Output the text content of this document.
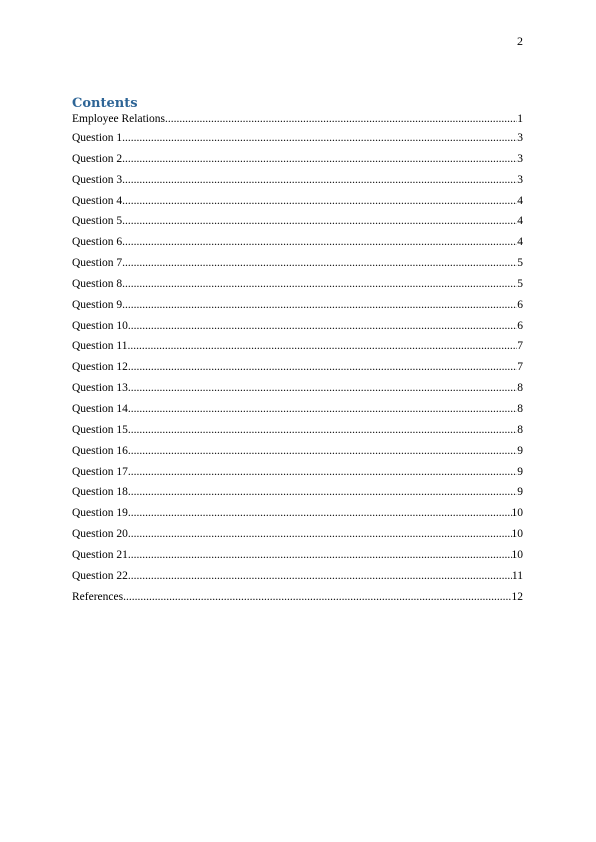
2
Contents
Employee Relations .....	1
Question 1 .....	3
Question 2 .....	3
Question 3 .....	3
Question 4 .....	4
Question 5 .....	4
Question 6 .....	4
Question 7 .....	5
Question 8 .....	5
Question 9 .....	6
Question 10 .....	6
Question 11 .....	7
Question 12 .....	7
Question 13 .....	8
Question 14 .....	8
Question 15 .....	8
Question 16 .....	9
Question 17 .....	9
Question 18 .....	9
Question 19 .....	10
Question 20 .....	10
Question 21 .....	10
Question 22 .....	11
References .....	12
